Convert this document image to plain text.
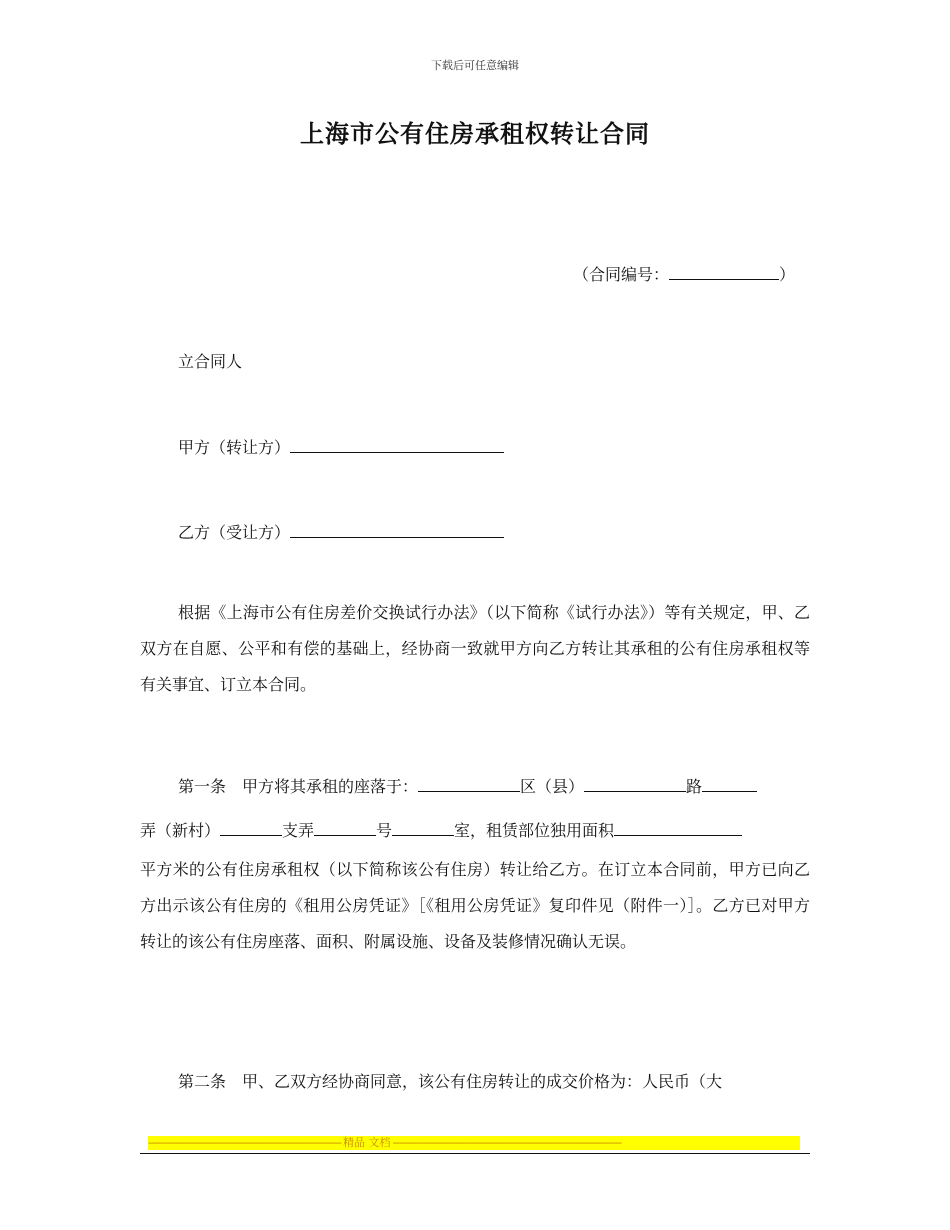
下载后可任意编辑
上海市公有住房承租权转让合同
（合同编号：	）
立合同人
甲方（转让方）
乙方（受让方）

根据《上海市公有住房差价交换试行办法》（以下简称《试行办法》）等有关规定，甲、乙双方在自愿、公平和有偿的基础上，经协商一致就甲方向乙方转让其承租的公有住房承租权等有关事宜、订立本合同。

第一条　甲方将其承租的座落于：	区（县）	路
弄（新村）	支弄	号	室，租赁部位独用面积

平方米的公有住房承租权（以下简称该公有住房）转让给乙方。在订立本合同前，甲方已向乙方出示该公有住房的《租用公房凭证》［《租用公房凭证》复印件见（附件一）］。乙方已对甲方转让的该公有住房座落、面积、附属设施、设备及装修情况确认无误。

第二条　甲、乙双方经协商同意，该公有住房转让的成交价格为：人民币（大

----------------------------------------------------------------- 精品 文档 -----------------------------------------------------------------------------
